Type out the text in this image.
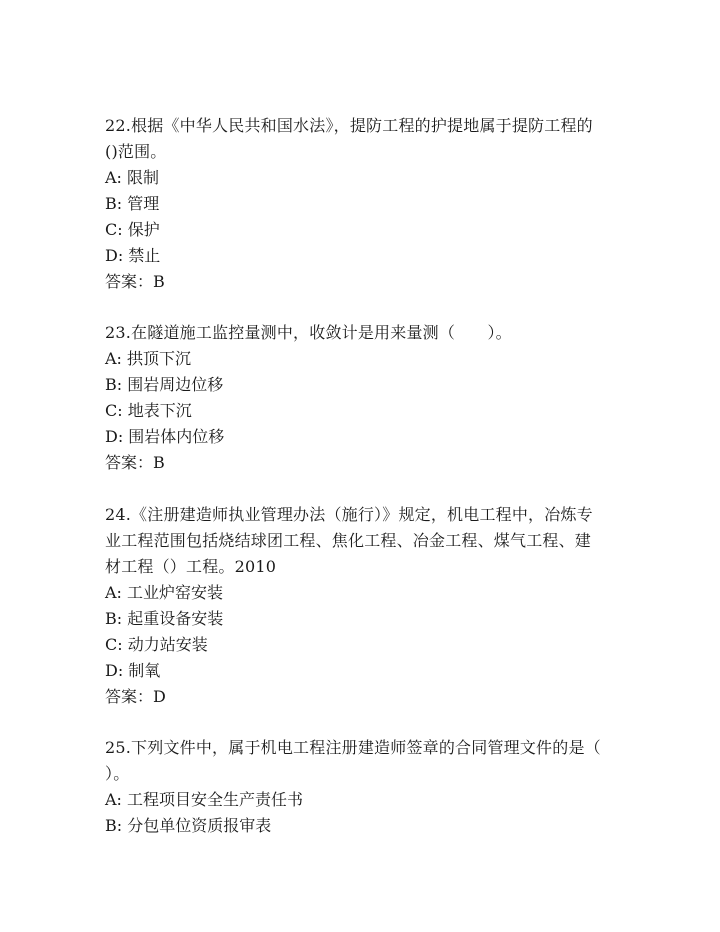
22.根据《中华人民共和国水法》，提防工程的护提地属于提防工程的
()范围。
A: 限制
B: 管理
C: 保护
D: 禁止
答案：B
23.在隧道施工监控量测中，收敛计是用来量测（　　）。
A: 拱顶下沉
B: 围岩周边位移
C: 地表下沉
D: 围岩体内位移
答案：B
24.《注册建造师执业管理办法（施行）》规定，机电工程中，冶炼专
业工程范围包括烧结球团工程、焦化工程、冶金工程、煤气工程、建
材工程（）工程。2010
A: 工业炉窑安装
B: 起重设备安装
C: 动力站安装
D: 制氧
答案：D
25.下列文件中，属于机电工程注册建造师签章的合同管理文件的是（
）。
A: 工程项目安全生产责任书
B: 分包单位资质报审表
